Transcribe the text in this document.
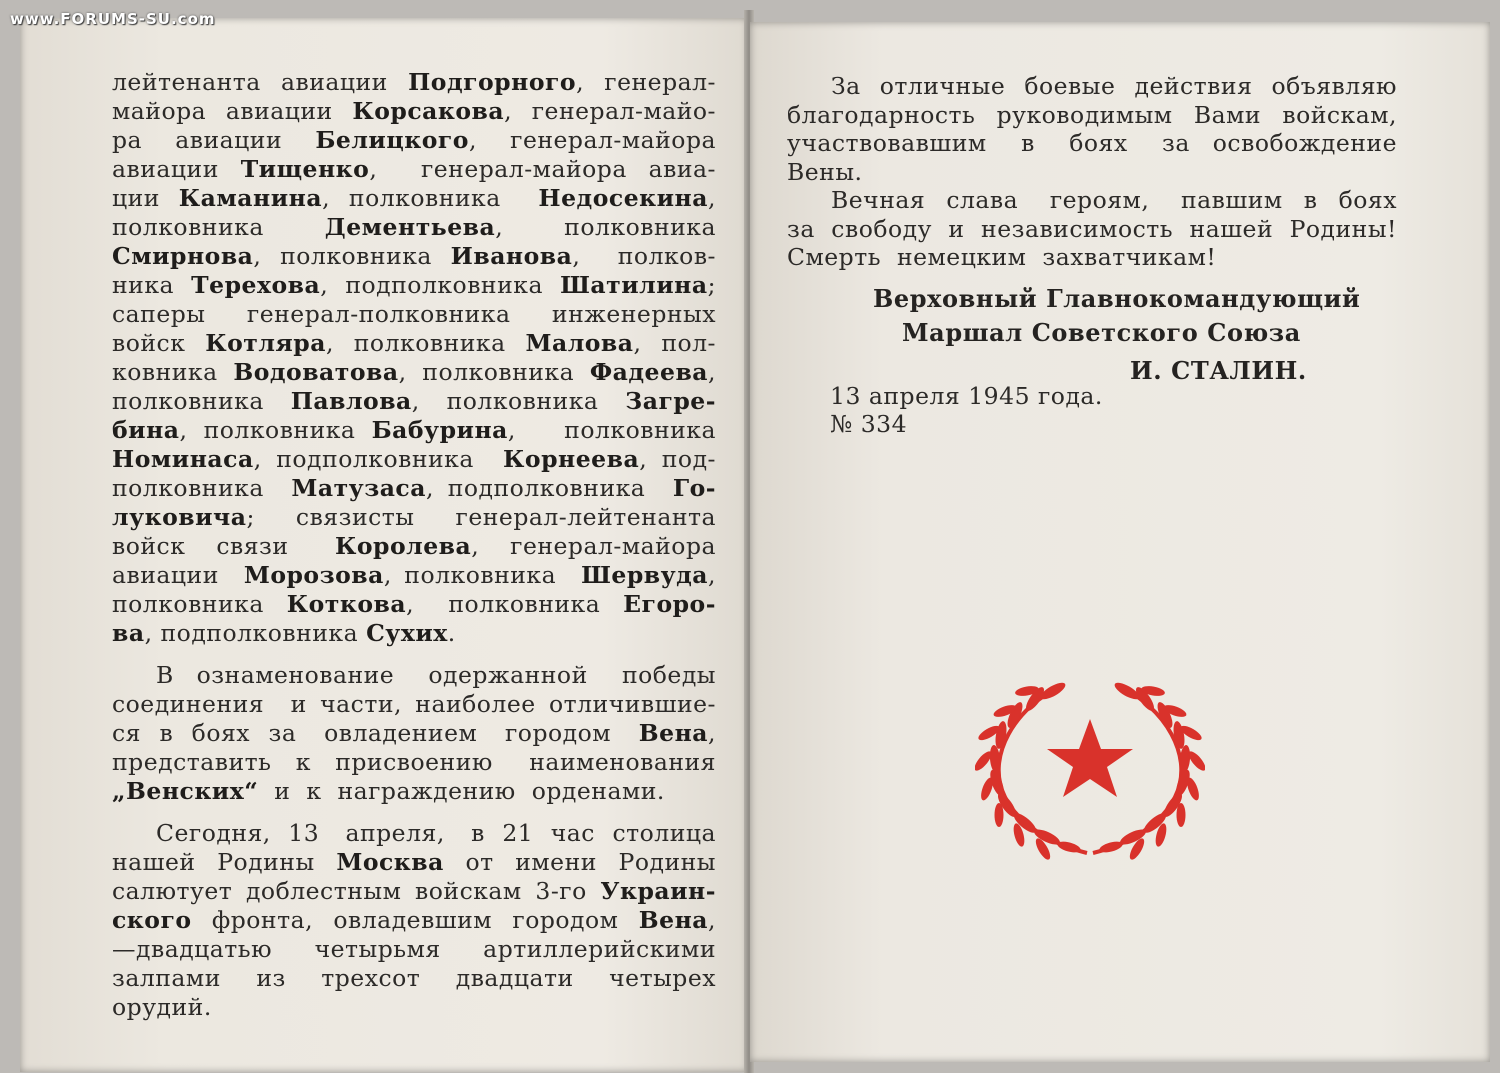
www.FORUMS-SU.com
лейтенанта авиации Подгорного, генерал-
майора авиации Корсакова, генерал-майо-
ра  авиации  Белицкого,  генерал-майора
авиации Тищенко,  генерал-майора авиа-
ции Каманина, полковника  Недосекина,
полковника    Дементьева,    полковника
Смирнова, полковника Иванова,  полков-
ника Терехова, подполковника Шатилина;
саперы  генерал-полковника  инженерных
войск Котляра, полковника Малова, пол-
ковника Водоватова, полковника Фадеева,
полковника  Павлова,  полковника  Загре-
бина, полковника Бабурина,   полковника
Номинаса, подполковника  Корнеева, под-
полковника  Матузаса, подполковника  Го-
луковича;  связисты  генерал-лейтенанта
войск  связи   Королева,  генерал-майора
авиации  Морозова, полковника  Шервуда,
полковника  Коткова,   полковника  Егоро-
ва, подполковника Сухих.
В  ознаменование   одержанной   победы
соединения  и части, наиболее отличившие-
ся  в  боях  за   овладением   городом   Вена,
представить  к  присвоению   наименования
„Венских“  и  к  награждению  орденами.
Сегодня,  13   апреля,   в  21  час  столица
нашей  Родины  Москва  от  имени  Родины
салютует доблестным войскам 3-го Украин-
ского  фронта,  овладевшим  городом  Вена,
—двадцатью    четырьмя    артиллерийскими
залпами   из   трехсот   двадцати   четырех
орудий.
За  отличные  боевые  действия  объявляю
благодарность руководимым Вами войскам,
участвовавшим   в   боях   за  освобождение
Вены.
Вечная  слава   героям,   павшим  в  боях
за свободу и независимость нашей Родины!
Смерть  немецким  захватчикам!
Верховный Главнокомандующий
Маршал Советского Союза
И. СТАЛИН.
13 апреля 1945 года.
№ 334
